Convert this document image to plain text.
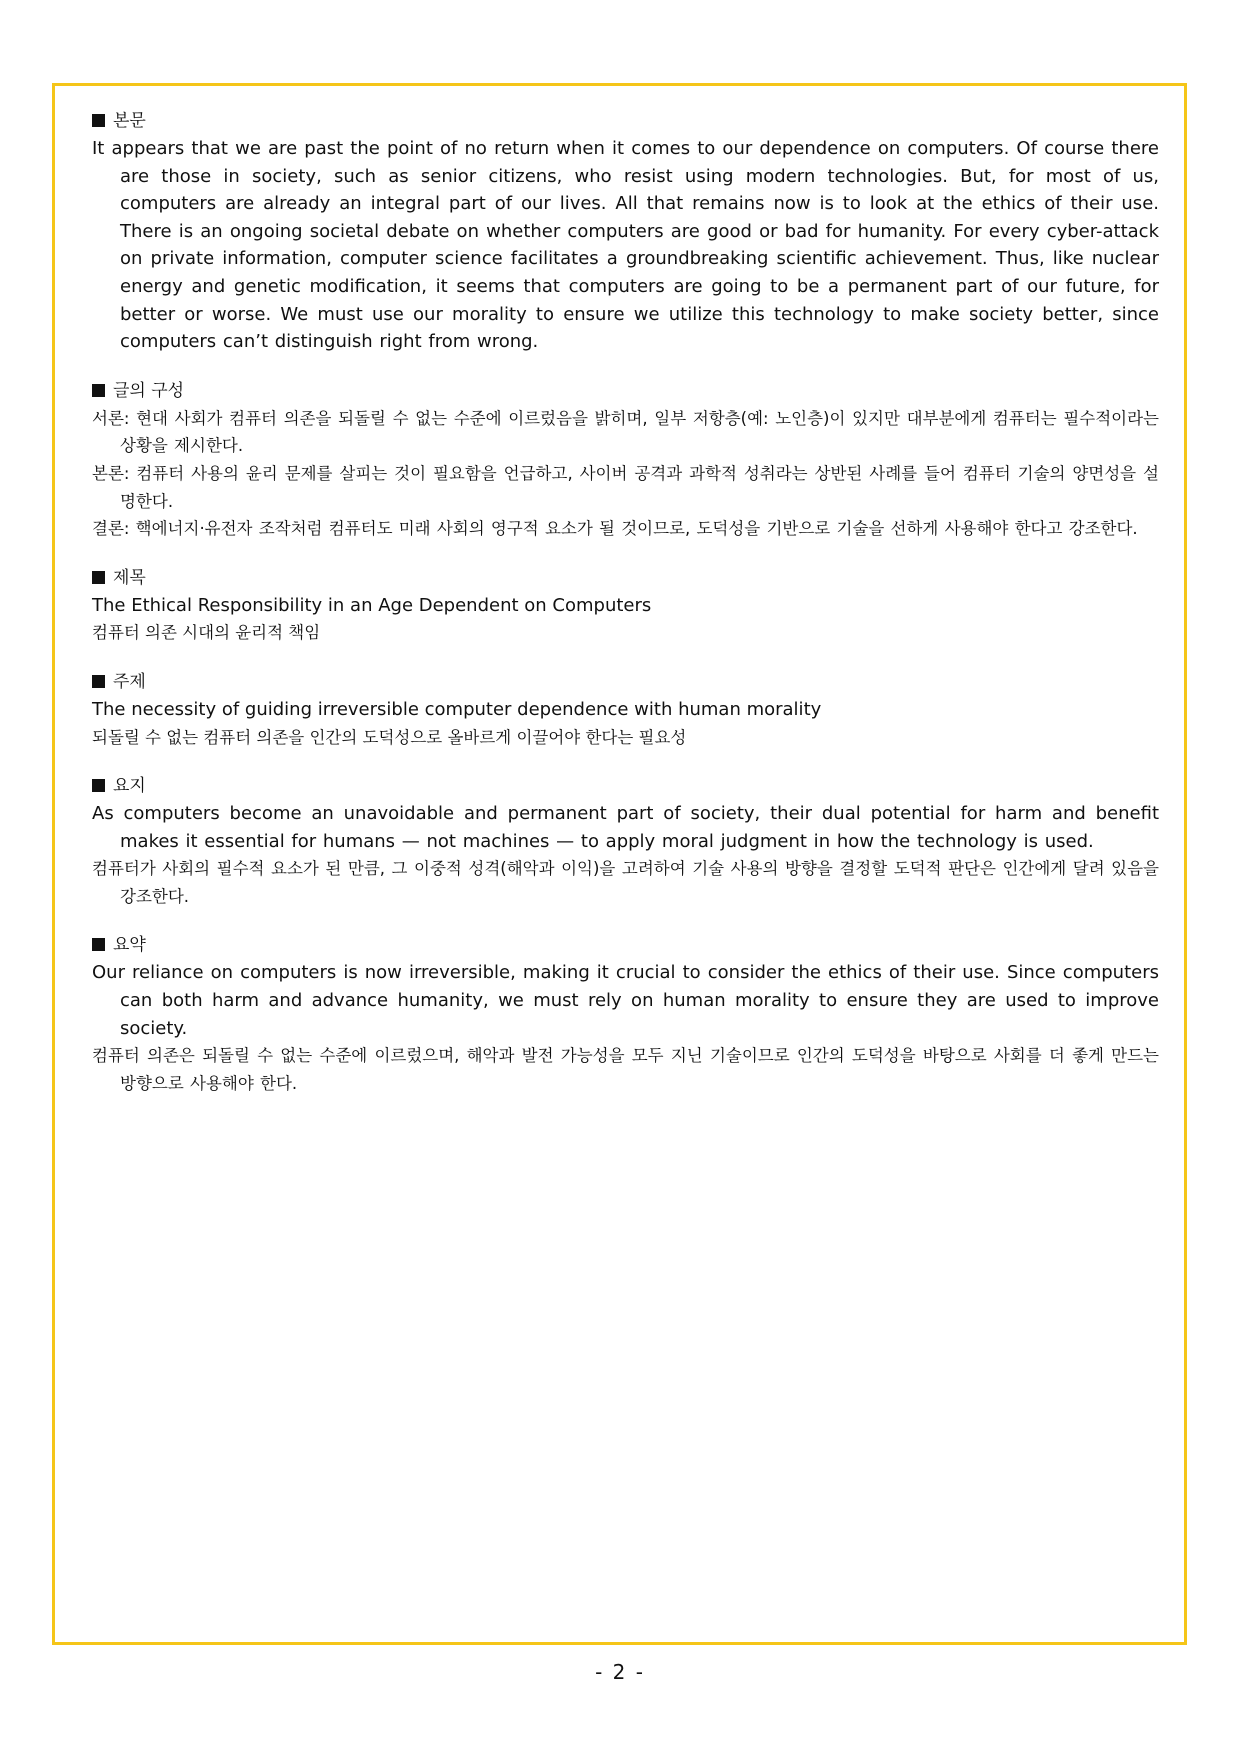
본문

It appears that we are past the point of no return when it comes to our dependence on computers. Of course there are those in society, such as senior citizens, who resist using modern technologies. But, for most of us, computers are already an integral part of our lives. All that remains now is to look at the ethics of their use. There is an ongoing societal debate on whether computers are good or bad for humanity. For every cyber-attack on private information, computer science facilitates a groundbreaking scientific achievement. Thus, like nuclear energy and genetic modification, it seems that computers are going to be a permanent part of our future, for better or worse. We must use our morality to ensure we utilize this technology to make society better, since computers can’t distinguish right from wrong.

글의 구성

서론: 현대 사회가 컴퓨터 의존을 되돌릴 수 없는 수준에 이르렀음을 밝히며, 일부 저항층(예: 노인층)이 있지만 대부분에게 컴퓨터는 필수적이라는 상황을 제시한다.

본론: 컴퓨터 사용의 윤리 문제를 살피는 것이 필요함을 언급하고, 사이버 공격과 과학적 성취라는 상반된 사례를 들어 컴퓨터 기술의 양면성을 설명한다.

결론: 핵에너지·유전자 조작처럼 컴퓨터도 미래 사회의 영구적 요소가 될 것이므로, 도덕성을 기반으로 기술을 선하게 사용해야 한다고 강조한다.

제목

The Ethical Responsibility in an Age Dependent on Computers

컴퓨터 의존 시대의 윤리적 책임

주제

The necessity of guiding irreversible computer dependence with human morality

되돌릴 수 없는 컴퓨터 의존을 인간의 도덕성으로 올바르게 이끌어야 한다는 필요성

요지

As computers become an unavoidable and permanent part of society, their dual potential for harm and benefit makes it essential for humans — not machines — to apply moral judgment in how the technology is used.

컴퓨터가 사회의 필수적 요소가 된 만큼, 그 이중적 성격(해악과 이익)을 고려하여 기술 사용의 방향을 결정할 도덕적 판단은 인간에게 달려 있음을 강조한다.

요약

Our reliance on computers is now irreversible, making it crucial to consider the ethics of their use. Since computers can both harm and advance humanity, we must rely on human morality to ensure they are used to improve society.

컴퓨터 의존은 되돌릴 수 없는 수준에 이르렀으며, 해악과 발전 가능성을 모두 지닌 기술이므로 인간의 도덕성을 바탕으로 사회를 더 좋게 만드는 방향으로 사용해야 한다.

- 2 -
